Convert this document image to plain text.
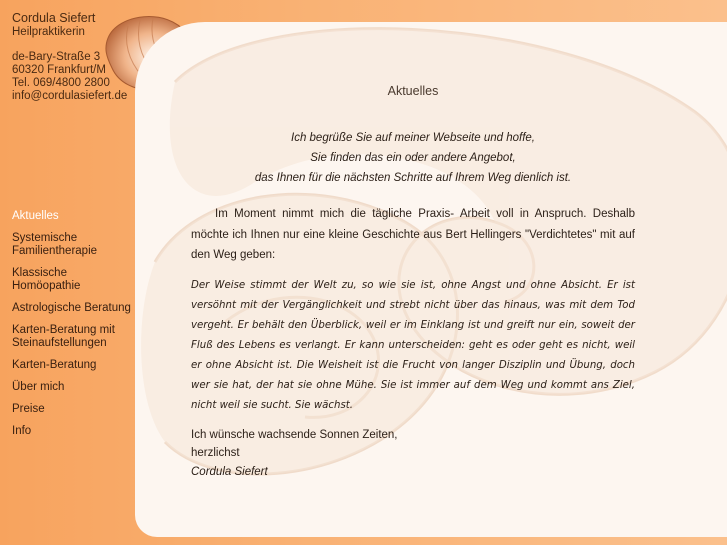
Cordula Siefert
Heilpraktikerin
de-Bary-Straße 3
60320 Frankfurt/M
Tel. 069/4800 2800
info@cordulasiefert.de
Aktuelles
Systemische Familientherapie
Klassische Homöopathie
Astrologische Beratung
Karten-Beratung mit Steinaufstellungen
Karten-Beratung
Über mich
Preise
Info
Aktuelles
Ich begrüße Sie auf meiner Webseite und hoffe,
Sie finden das ein oder andere Angebot,
das Ihnen für die nächsten Schritte auf Ihrem Weg dienlich ist.

Im Moment nimmt mich die tägliche Praxis- Arbeit voll in Anspruch. Deshalb möchte ich Ihnen nur eine kleine Geschichte aus Bert Hellingers "Verdichtetes" mit auf den Weg geben:

Der Weise stimmt der Welt zu, so wie sie ist, ohne Angst und ohne Absicht. Er ist versöhnt mit der Vergänglichkeit und strebt nicht über das hinaus, was mit dem Tod vergeht. Er behält den Überblick, weil er im Einklang ist und greift nur ein, soweit der Fluß des Lebens es verlangt. Er kann unterscheiden: geht es oder geht es nicht, weil er ohne Absicht ist. Die Weisheit ist die Frucht von langer Disziplin und Übung, doch wer sie hat, der hat sie ohne Mühe. Sie ist immer auf dem Weg und kommt ans Ziel, nicht weil sie sucht. Sie wächst.

Ich wünsche wachsende Sonnen Zeiten,

herzlichst

Cordula Siefert
